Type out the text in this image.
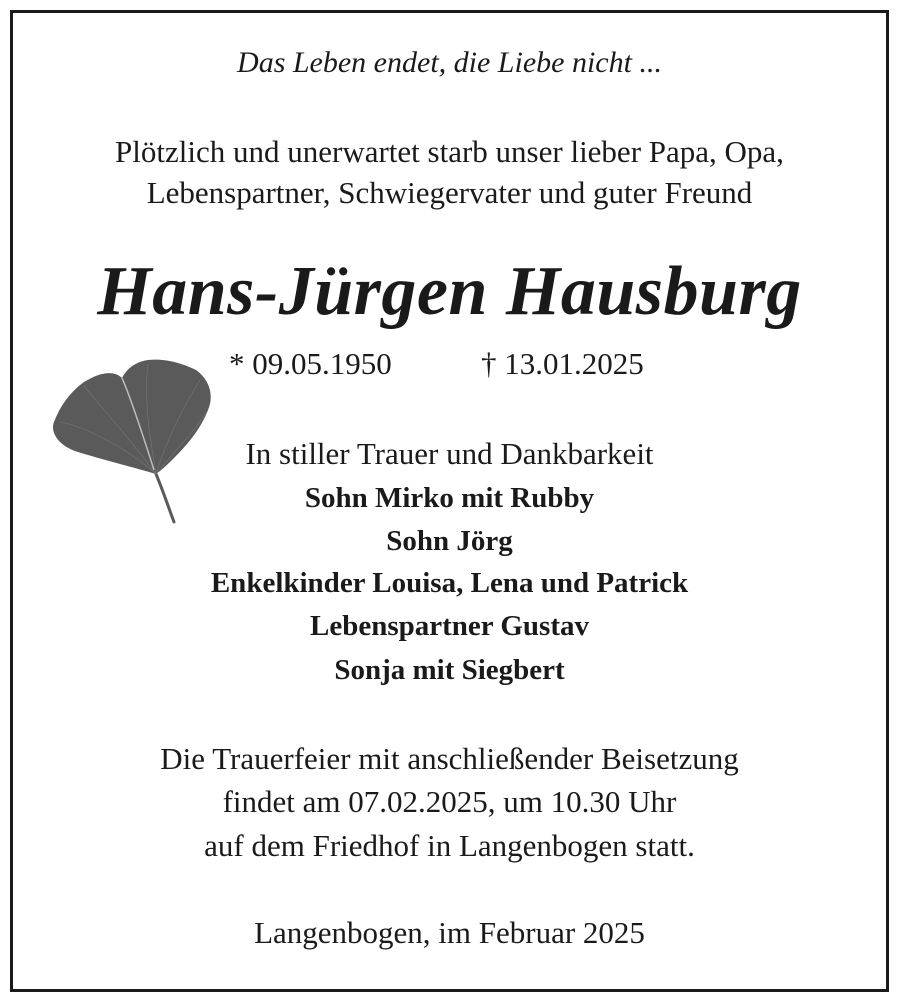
Das Leben endet, die Liebe nicht ...
Plötzlich und unerwartet starb unser lieber Papa, Opa,
Lebenspartner, Schwiegervater und guter Freund
Hans-Jürgen Hausburg
* 09.05.1950	† 13.01.2025
In stiller Trauer und Dankbarkeit
Sohn Mirko mit Rubby
Sohn Jörg
Enkelkinder Louisa, Lena und Patrick
Lebenspartner Gustav
Sonja mit Siegbert
Die Trauerfeier mit anschließender Beisetzung
findet am 07.02.2025, um 10.30 Uhr
auf dem Friedhof in Langenbogen statt.
Langenbogen, im Februar 2025
